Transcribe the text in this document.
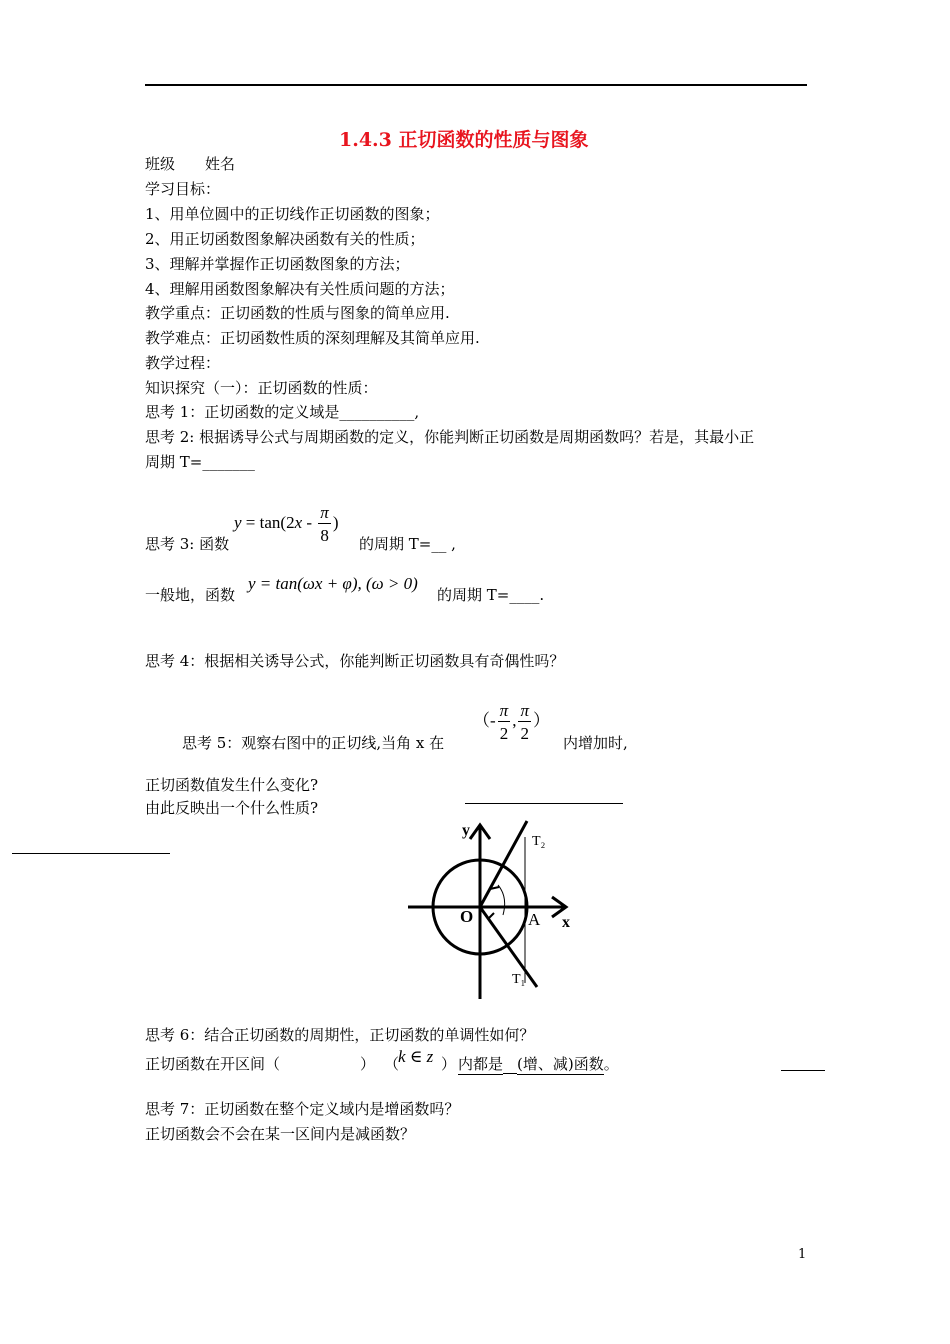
1.4.3 正切函数的性质与图象
班级　　姓名
学习目标：
1、用单位圆中的正切线作正切函数的图象；
2、用正切函数图象解决函数有关的性质；
3、理解并掌握作正切函数图象的方法；
4、理解用函数图象解决有关性质问题的方法；
教学重点：正切函数的性质与图象的简单应用.
教学难点：正切函数性质的深刻理解及其简单应用.
教学过程：
知识探究（一）：正切函数的性质：
思考 1：正切函数的定义域是__________,
思考 2: 根据诱导公式与周期函数的定义，你能判断正切函数是周期函数吗？若是，其最小正
周期 T=_______
思考 3: 函数
$y = \tan(2x - \frac{\pi}{8}$ )
的周期 T=__ ,
一般地，函数
y = tan(ωx + φ), (ω > 0)
的周期 T=____.
思考 4：根据相关诱导公式，你能判断正切函数具有奇偶性吗？
思考 5：观察右图中的正切线,当角 x 在
（- $\frac{\pi}{2}$ , $\frac{\pi}{2}$ ）
内增加时,
正切函数值发生什么变化?
由此反映出一个什么性质?
y
x
O	A
T₂
T₁
思考 6：结合正切函数的周期性，正切函数的单调性如何？
正切函数在开区间（	） （
k ∈ z ） 内都是 (增、减)函数。
思考 7：正切函数在整个定义域内是增函数吗？
正切函数会不会在某一区间内是减函数？
1
